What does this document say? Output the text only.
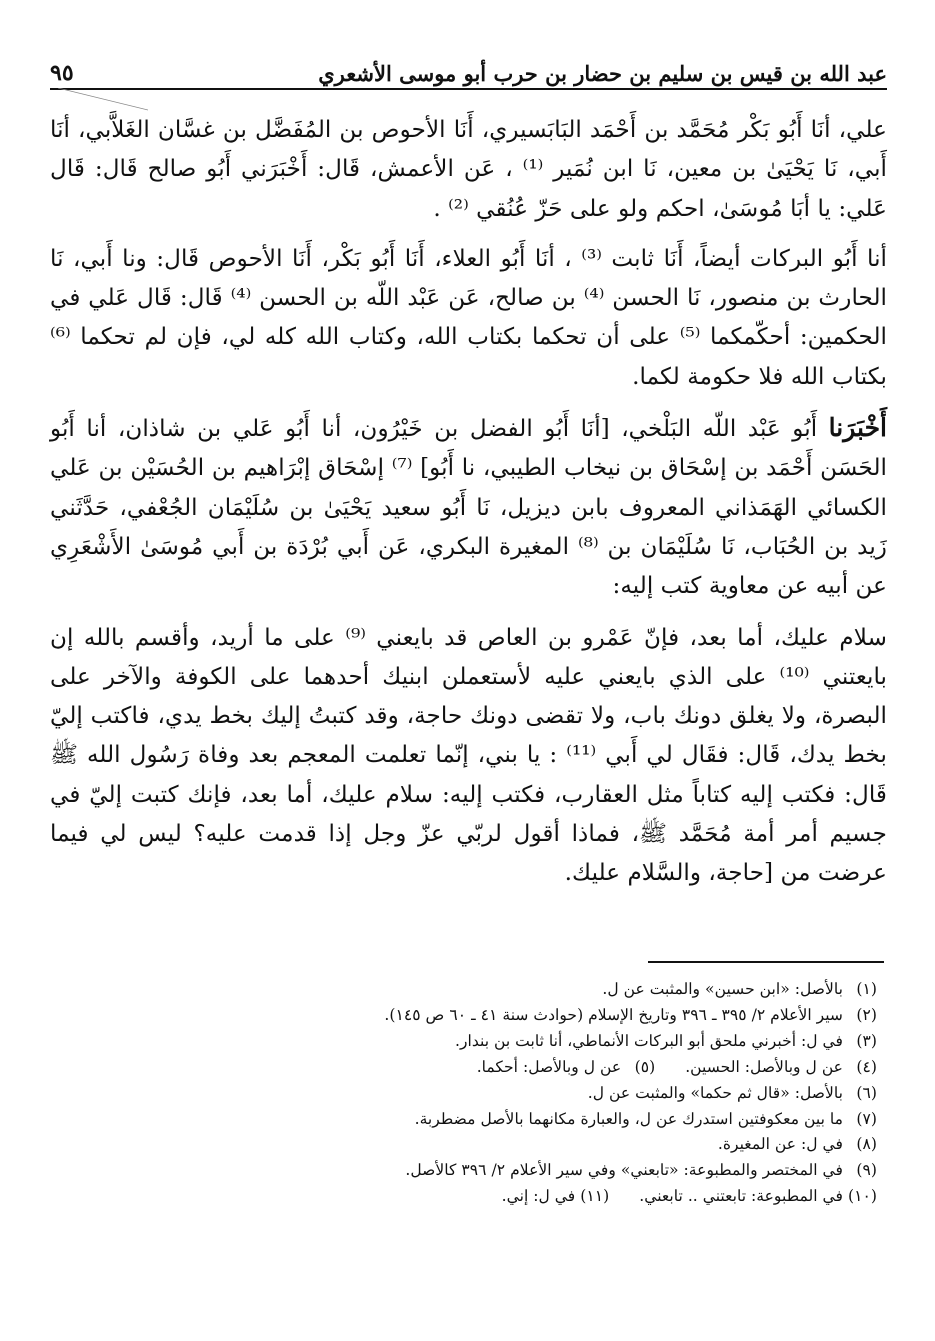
عبد الله بن قيس بن سليم بن حضار بن حرب أبو موسى الأشعري
٩٥

علي، أنَا أَبُو بَكْر مُحَمَّد بن أَحْمَد البَابَسيري، أَنَا الأحوص بن المُفَضَّل بن غسَّان الغَلاَّبي، أنَا أَبي، نَا يَحْيَىٰ بن معين، نَا ابن نُمَير ⁽¹⁾ ، عَن الأعمش، قَال: أَخْبَرَني أَبُو صالح قَال: قَال عَلي: يا أبَا مُوسَىٰ، احكم ولو على حَزّ عُنُقي ⁽²⁾ .

أنا أَبُو البركات أيضاً، أَنَا ثابت ⁽³⁾ ، أنَا أَبُو العلاء، أَنَا أَبُو بَكْر، أَنَا الأحوص قَال: ونا أَبي، نَا الحارث بن منصور، نَا الحسن ⁽⁴⁾ بن صالح، عَن عَبْد اللّه بن الحسن ⁽⁴⁾ قَال: قَال عَلي في الحكمين: أحكّمكما ⁽⁵⁾ على أن تحكما بكتاب الله، وكتاب الله كله لي، فإن لم تحكما ⁽⁶⁾ بكتاب الله فلا حكومة لكما.

أَخْبَرَنا أَبُو عَبْد اللّه البَلْخي، [أنَا أَبُو الفضل بن خَيْرُون، أنا أَبُو عَلي بن شاذان، أنا أَبُو الحَسَن أَحْمَد بن إسْحَاق بن نيخاب الطيبي، نا أَبُو] ⁽⁷⁾ إسْحَاق إبْرَاهيم بن الحُسَيْن بن عَلي الكسائي الهَمَذاني المعروف بابن ديزيل، نَا أَبُو سعيد يَحْيَىٰ بن سُلَيْمَان الجُعْفي، حَدَّثَني زَيد بن الحُبَاب، نَا سُلَيْمَان بن ⁽⁸⁾ المغيرة البكري، عَن أَبي بُرْدَة بن أَبي مُوسَىٰ الأَشْعَرِي عن أبيه عن معاوية كتب إليه:

سلام عليك، أما بعد، فإنّ عَمْرو بن العاص قد بايعني ⁽⁹⁾ على ما أريد، وأقسم بالله إن بايعتني ⁽¹⁰⁾ على الذي بايعني عليه لأستعملن ابنيك أحدهما على الكوفة والآخر على البصرة، ولا يغلق دونك باب، ولا تقضى دونك حاجة، وقد كتبتُ إليك بخط يدي، فاكتب إليّ بخط يدك، قَال: فقَال لي أَبي ⁽¹¹⁾ : يا بني، إنّما تعلمت المعجم بعد وفاة رَسُول الله ﷺ قَال: فكتب إليه كتاباً مثل العقارب، فكتب إليه: سلام عليك، أما بعد، فإنك كتبت إليّ في جسيم أمر أمة مُحَمَّد ﷺ، فماذا أقول لربّي عزّ وجل إذا قدمت عليه؟ ليس لي فيما عرضت من [حاجة، والسَّلام عليك.

(١)بالأصل: «ابن حسين» والمثبت عن ل.
(٢)سير الأعلام ٢/ ٣٩٥ ـ ٣٩٦ وتاريخ الإسلام (حوادث سنة ٤١ ـ ٦٠ ص ١٤٥).
(٣)في ل: أخبرني ملحق أبو البركات الأنماطي، أنا ثابت بن بندار.
(٤)عن ل وبالأصل: الحسين.(٥)عن ل وبالأصل: أحكما.
(٦)بالأصل: «قال ثم حكما» والمثبت عن ل.
(٧)ما بين معكوفتين استدرك عن ل، والعبارة مكانهما بالأصل مضطربة.
(٨)في ل: عن المغيرة.
(٩)في المختصر والمطبوعة: «تابعني» وفي سير الأعلام ٢/ ٣٩٦ كالأصل.
(١٠)في المطبوعة: تابعتني .. تابعني.(١١)في ل: إني.
